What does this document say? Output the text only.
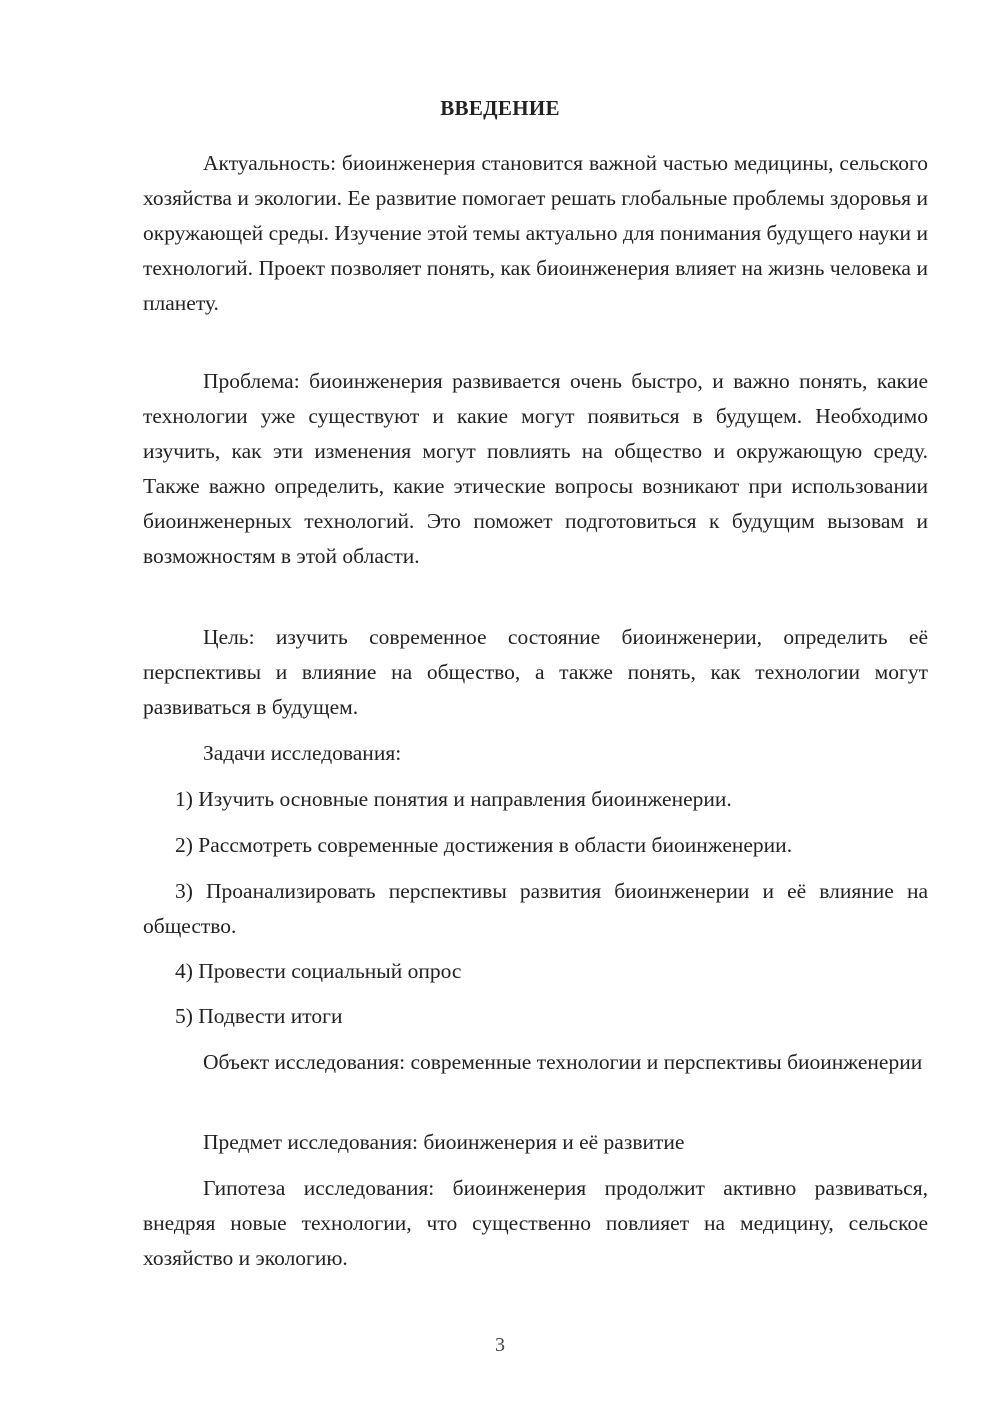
ВВЕДЕНИЕ
Актуальность: биоинженерия становится важной частью медицины, сельского хозяйства и экологии. Ее развитие помогает решать глобальные проблемы здоровья и окружающей среды. Изучение этой темы актуально для понимания будущего науки и технологий. Проект позволяет понять, как биоинженерия влияет на жизнь человека и планету.
Проблема: биоинженерия развивается очень быстро, и важно понять, какие технологии уже существуют и какие могут появиться в будущем. Необходимо изучить, как эти изменения могут повлиять на общество и окружающую среду. Также важно определить, какие этические вопросы возникают при использовании биоинженерных технологий. Это поможет подготовиться к будущим вызовам и возможностям в этой области.
Цель: изучить современное состояние биоинженерии, определить её перспективы и влияние на общество, а также понять, как технологии могут развиваться в будущем.
Задачи исследования:
1) Изучить основные понятия и направления биоинженерии.
2) Рассмотреть современные достижения в области биоинженерии.
3) Проанализировать перспективы развития биоинженерии и её влияние на общество.
4) Провести социальный опрос
5) Подвести итоги
Объект исследования: современные технологии и перспективы биоинженерии
Предмет исследования: биоинженерия и её развитие
Гипотеза исследования: биоинженерия продолжит активно развиваться, внедряя новые технологии, что существенно повлияет на медицину, сельское хозяйство и экологию.
3
